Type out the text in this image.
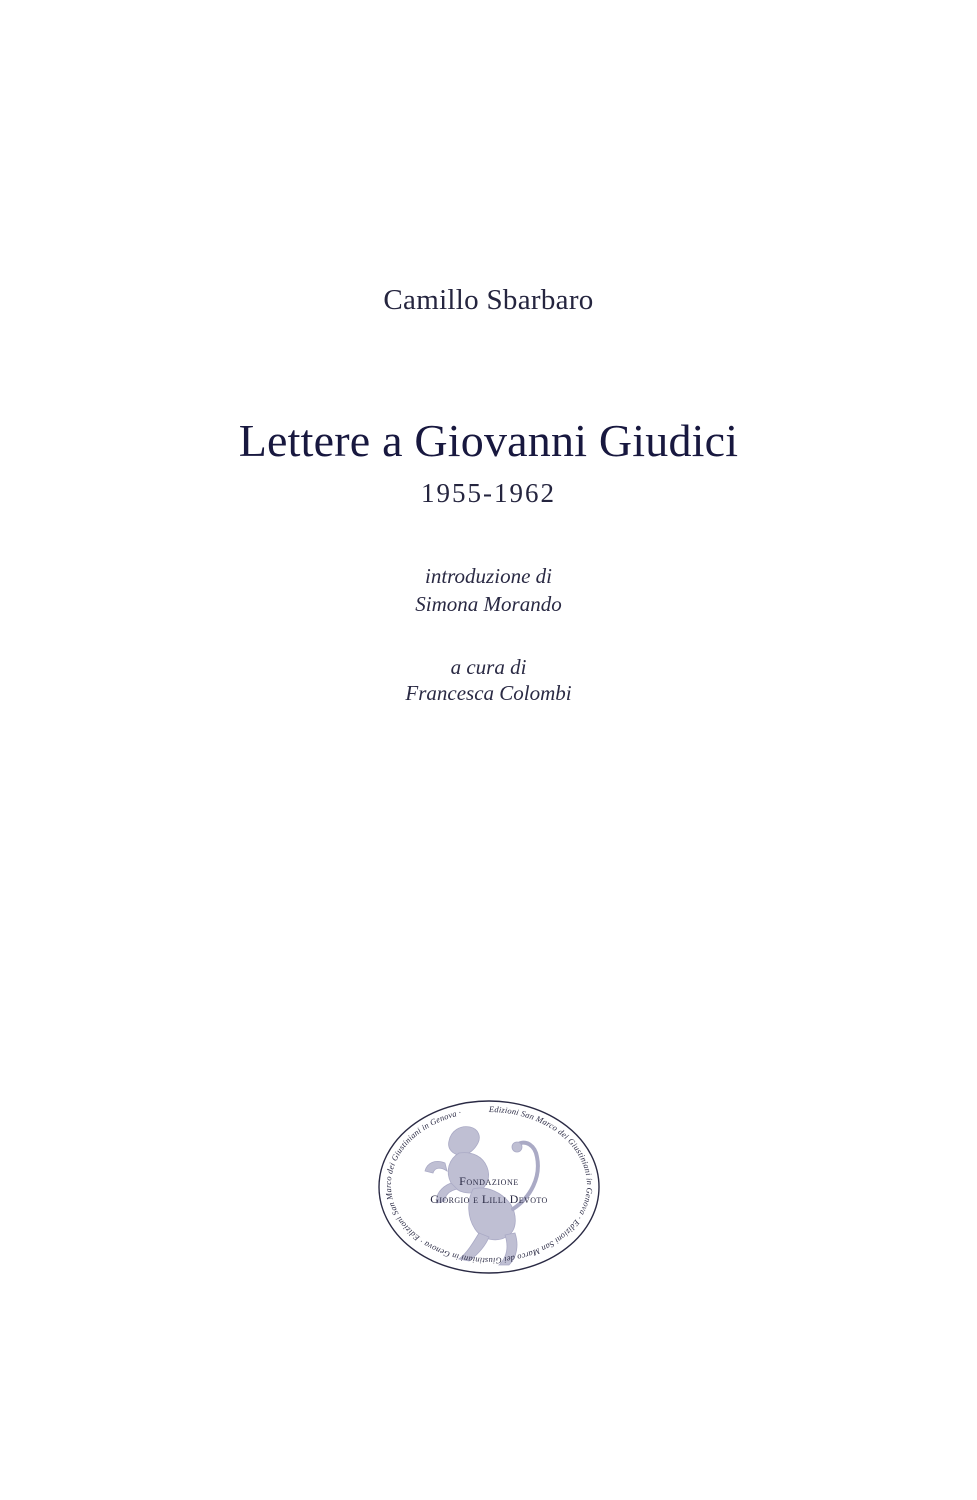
Camillo Sbarbaro
Lettere a Giovanni Giudici
1955-1962
introduzione di
Simona Morando
a cura di
Francesca Colombi
Edizioni San Marco dei Giustiniani in Genova · Edizioni San Marco dei Giustiniani in Genova · Edizioni San Marco dei Giustiniani in Genova ·
Fondazione
Giorgio e Lilli Devoto
